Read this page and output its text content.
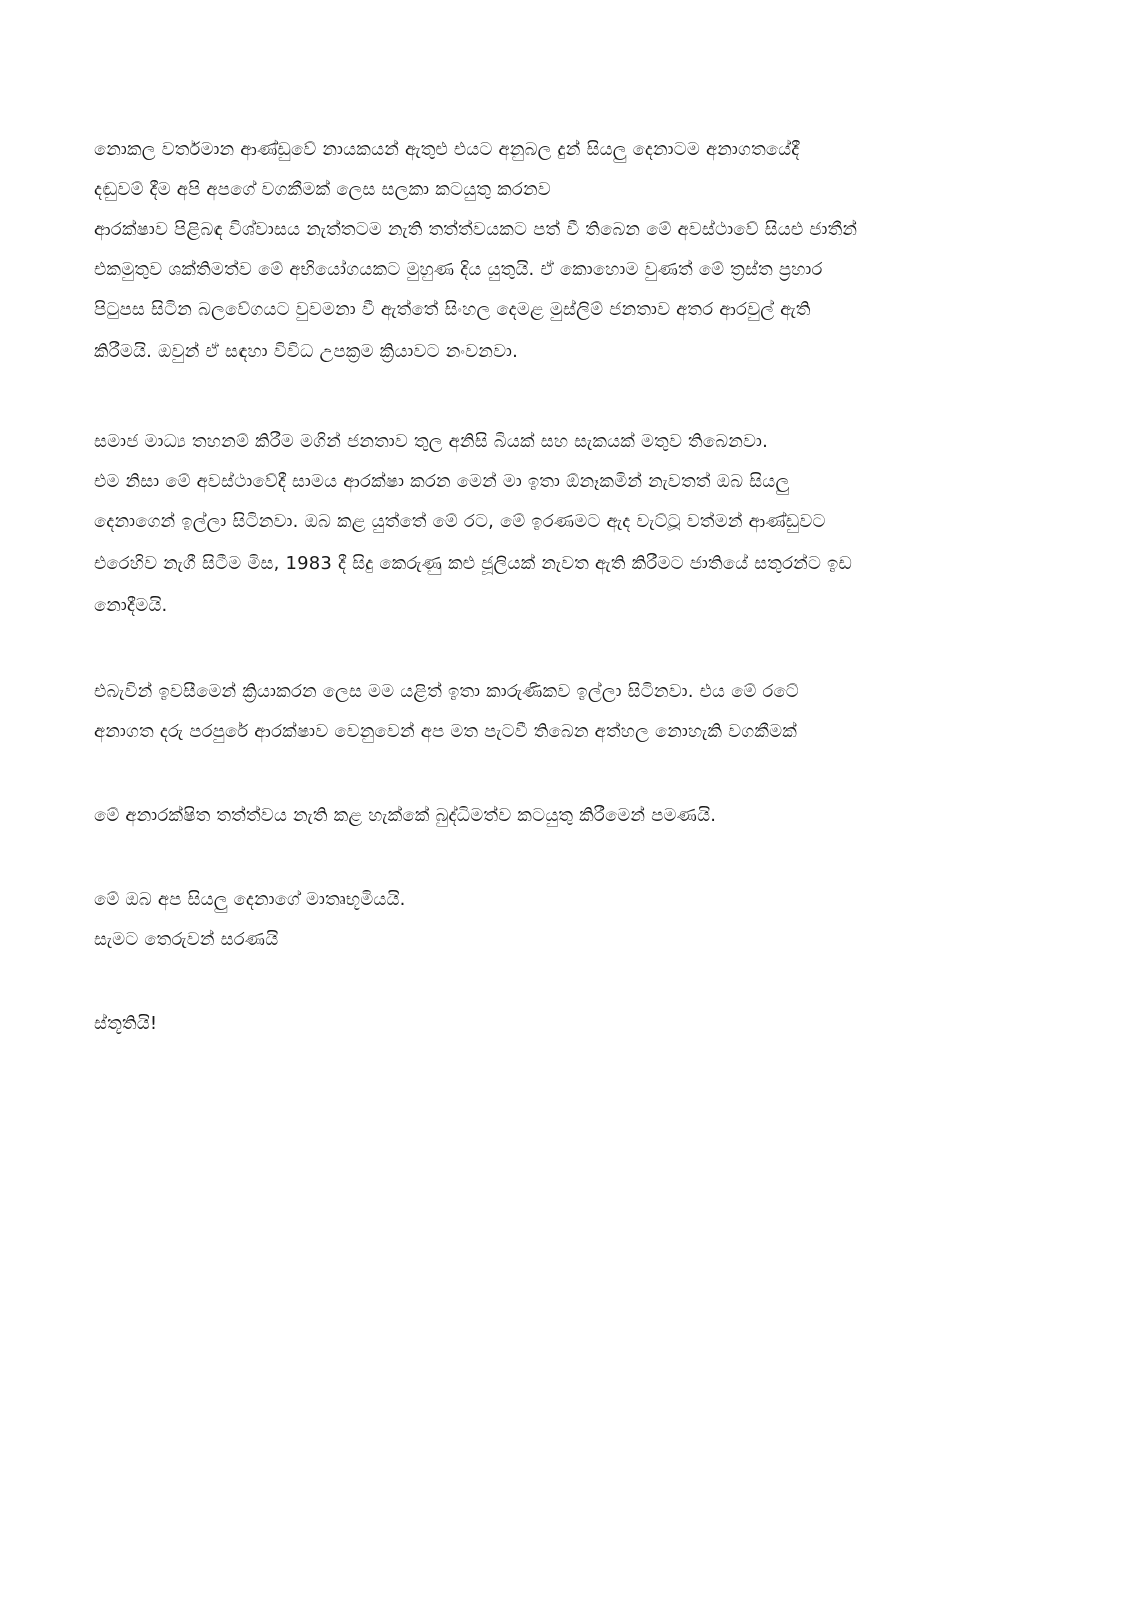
නොකල වර්තමාන ආණ්ඩුවේ නායකයන් ඇතුළු එයට අනුබල දුන් සියලු දෙනාටම අනාගතයේදී
දඬුවම් දීම අපි අපගේ වගකීමක් ලෙස සලකා කටයුතු කරනව
ආරක්ෂාව පිළිබඳ විශ්වාසය නැත්තටම නැති තත්ත්වයකට පත් වී තිබෙන මේ අවස්ථාවේ සියළු ජාතීන්
එකමුතුව ශක්තිමත්ව මේ අභියෝගයකට මුහුණ දිය යුතුයි. ඒ කොහොම වුණත් මේ ත්‍රස්ත ප්‍රහාර
පිටුපස සිටින බලවේගයට වුවමනා වී ඇත්තේ සිංහල දෙමළ මුස්ලිම් ජනතාව අතර ආරවුල් ඇති
කිරීමයි. ඔවුන් ඒ සඳහා විවිධ උපක්‍රම ක්‍රියාවට නංවනවා.
සමාජ මාධ්‍ය තහනම් කිරීම මගින් ජනතාව තුල අනිසි බියක් සහ සැකයක් මතුව තිබෙනවා.
එම නිසා මේ අවස්ථාවේදී සාමය ආරක්ෂා කරන මෙන් මා ඉතා ඕනෑකමින් නැවතත් ඔබ සියලු
දෙනාගෙන් ඉල්ලා සිටිනවා. ඔබ කළ යුත්තේ මේ රට, මේ ඉරණමට ඇද වැට්ටූ වත්මන් ආණ්ඩුවට
එරෙහිව නැගී සිටීම මිස, 1983 දී සිදු කෙරුණු කළු ජූලියක් නැවත ඇති කිරීමට ජාතියේ සතුරන්ට ඉඩ
නොදීමයි.
එබැවින් ඉවසීමෙන් ක්‍රියාකරන ලෙස මම යළිත් ඉතා කාරුණිකව ඉල්ලා සිටිනවා. එය මේ රටේ
අනාගත දරු පරපුරේ ආරක්ෂාව වෙනුවෙන් අප මත පැටවී තිබෙන අත්හල නොහැකි වගකීමක්
මේ අනාරක්ෂිත තත්ත්වය නැති කළ හැක්කේ බුද්ධිමත්ව කටයුතු කිරීමෙන් පමණයි.
මේ ඔබ අප සියලු දෙනාගේ මාතෘභූමියයි.
සැමට තෙරුවන් සරණයි
ස්තූතියි!
